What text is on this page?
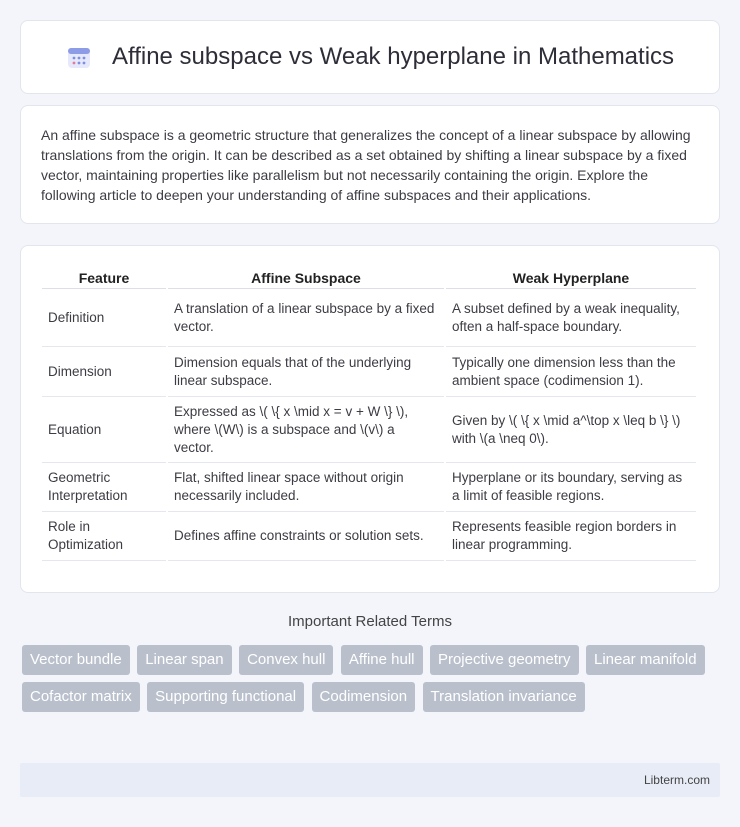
Affine subspace vs Weak hyperplane in Mathematics

An affine subspace is a geometric structure that generalizes the concept of a linear subspace by allowing translations from the origin. It can be described as a set obtained by shifting a linear subspace by a fixed vector, maintaining properties like parallelism but not necessarily containing the origin. Explore the following article to deepen your understanding of affine subspaces and their applications.

Feature	Affine Subspace	Weak Hyperplane
Definition	A translation of a linear subspace by a fixed vector.	A subset defined by a weak inequality, often a half-space boundary.
Dimension	Dimension equals that of the underlying linear subspace.	Typically one dimension less than the ambient space (codimension 1).
Equation	Expressed as \( \{ x \mid x = v + W \} \), where \(W\) is a subspace and \(v\) a vector.	Given by \( \{ x \mid a^\top x \leq b \} \) with \(a \neq 0\).
Geometric Interpretation	Flat, shifted linear space without origin necessarily included.	Hyperplane or its boundary, serving as a limit of feasible regions.
Role in Optimization	Defines affine constraints or solution sets.	Represents feasible region borders in linear programming.
Important Related Terms
Vector bundle Linear span Convex hull Affine hull Projective geometry Linear manifold Cofactor matrix Supporting functional Codimension Translation invariance
Libterm.com
